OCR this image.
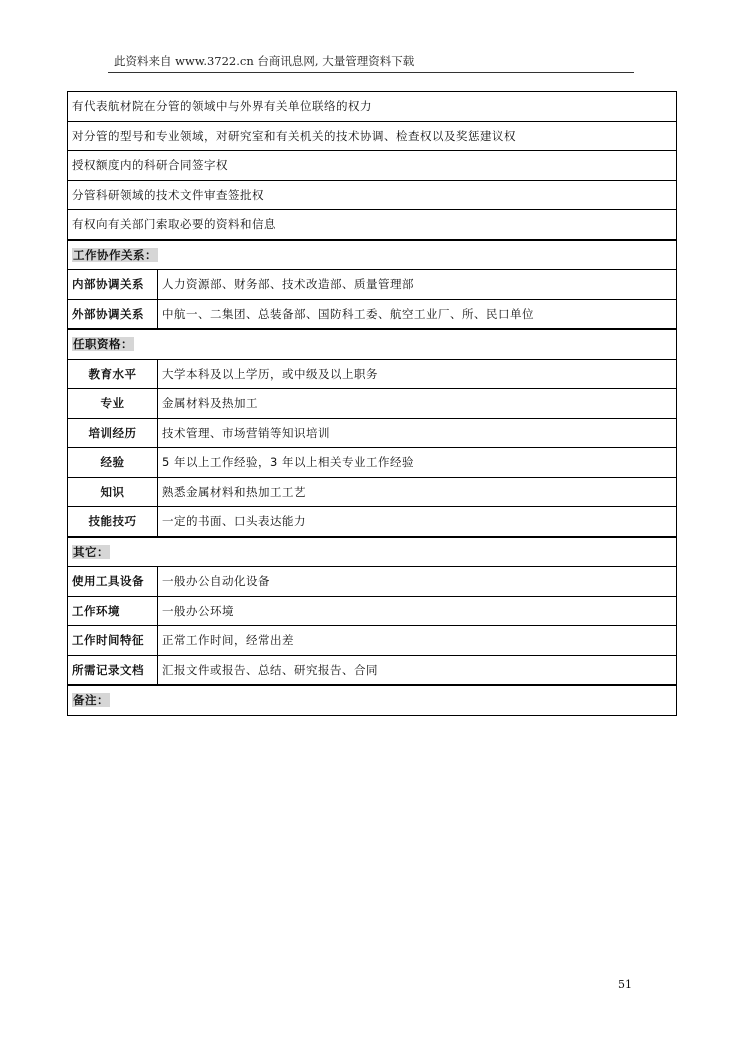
此资料来自 www.3722.cn 台商讯息网, 大量管理资料下载
有代表航材院在分管的领域中与外界有关单位联络的权力	
对分管的型号和专业领域，对研究室和有关机关的技术协调、检查权以及奖惩建议权	
授权额度内的科研合同签字权	
分管科研领域的技术文件审查签批权	
有权向有关部门索取必要的资料和信息	
工作协作关系：	
内部协调关系	人力资源部、财务部、技术改造部、质量管理部
外部协调关系	中航一、二集团、总装备部、国防科工委、航空工业厂、所、民口单位
任职资格：	
教育水平	大学本科及以上学历，或中级及以上职务
专业	金属材料及热加工
培训经历	技术管理、市场营销等知识培训
经验	5 年以上工作经验，3 年以上相关专业工作经验
知识	熟悉金属材料和热加工工艺
技能技巧	一定的书面、口头表达能力
其它：	
使用工具设备	一般办公自动化设备
工作环境	一般办公环境
工作时间特征	正常工作时间，经常出差
所需记录文档	汇报文件或报告、总结、研究报告、合同
备注：	
51
